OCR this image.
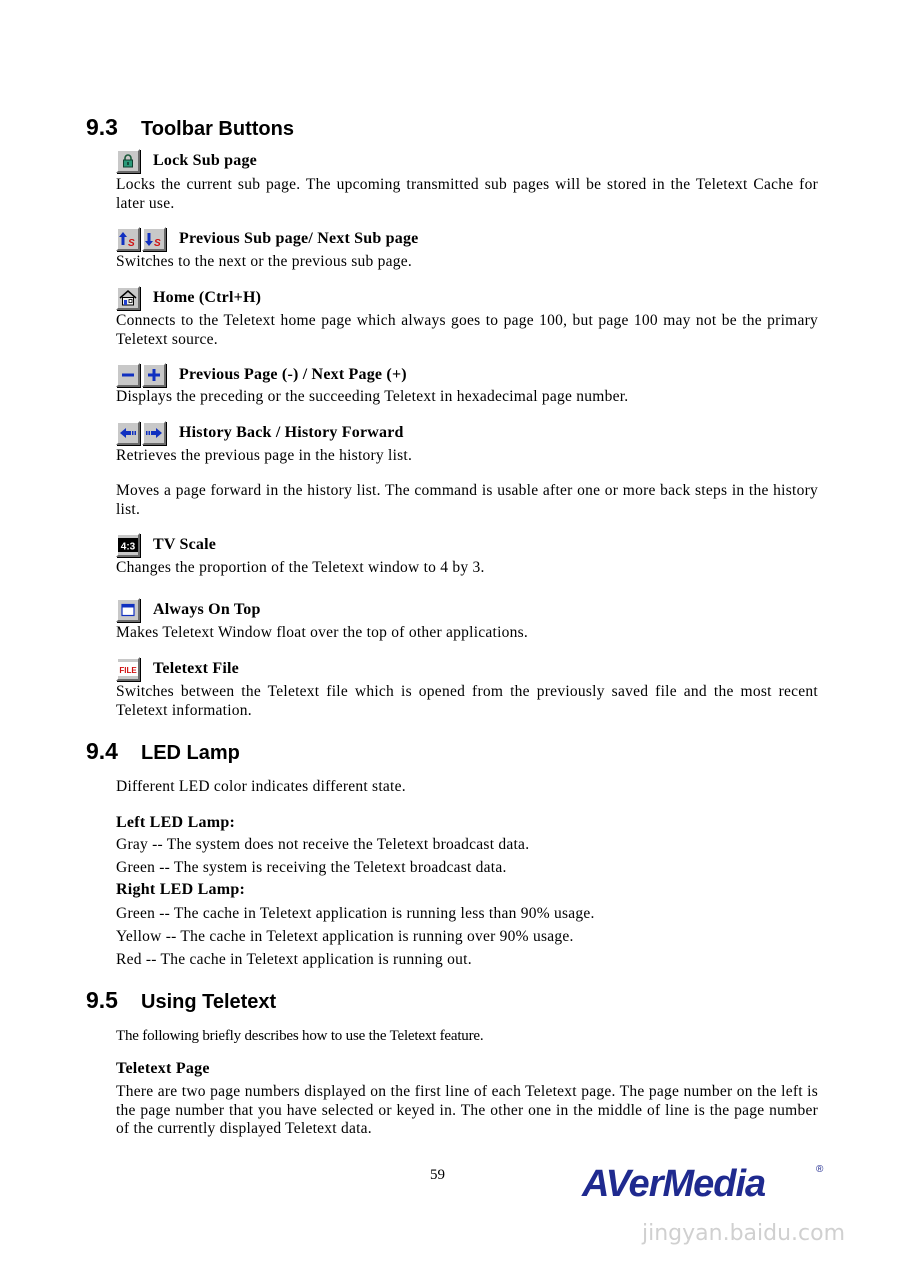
9.3 Toolbar Buttons
Lock Sub page
Locks the current sub page. The upcoming transmitted sub pages will be stored in the Teletext Cache for later use.
S S Previous Sub page/ Next Sub page
Switches to the next or the previous sub page.
Home (Ctrl+H)
Connects to the Teletext home page which always goes to page 100, but page 100 may not be the primary Teletext source.
Previous Page (-) / Next Page (+)
Displays the preceding or the succeeding Teletext in hexadecimal page number.
History Back / History Forward
Retrieves the previous page in the history list.
Moves a page forward in the history list. The command is usable after one or more back steps in the history list.
4:3 TV Scale
Changes the proportion of the Teletext window to 4 by 3.
Always On Top
Makes Teletext Window float over the top of other applications.
FILE Teletext File
Switches between the Teletext file which is opened from the previously saved file and the most recent Teletext information.
9.4 LED Lamp
Different LED color indicates different state.
Left LED Lamp:
Gray -- The system does not receive the Teletext broadcast data.
Green -- The system is receiving the Teletext broadcast data.
Right LED Lamp:
Green -- The cache in Teletext application is running less than 90% usage.
Yellow -- The cache in Teletext application is running over 90% usage.
Red -- The cache in Teletext application is running out.
9.5 Using Teletext
The following briefly describes how to use the Teletext feature.
Teletext Page
There are two page numbers displayed on the first line of each Teletext page. The page number on the left is the page number that you have selected or keyed in. The other one in the middle of line is the page number of the currently displayed Teletext data.
59	AVerMedia	®
jingyan.baidu.com
